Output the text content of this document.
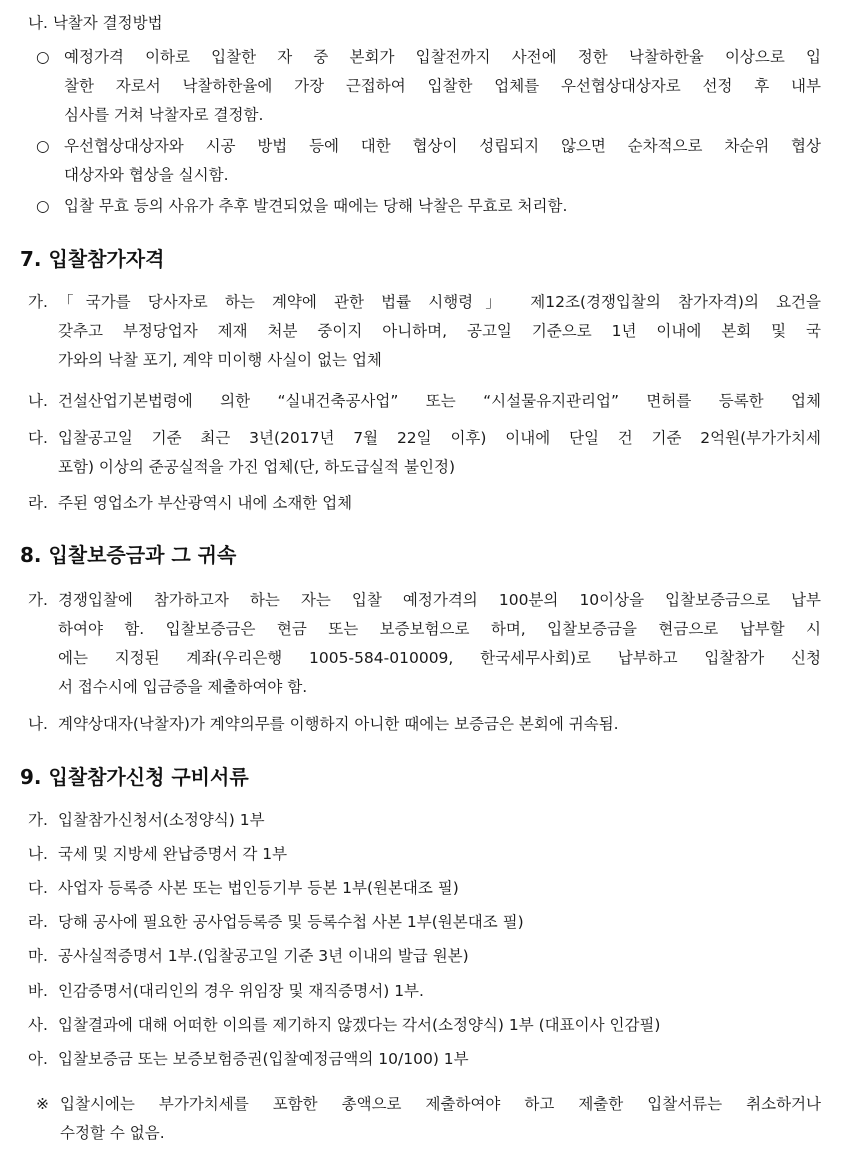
나. 낙찰자 결정방법
○ 예정가격 이하로 입찰한 자 중 본회가 입찰전까지 사전에 정한 낙찰하한율 이상으로 입
찰한 자로서 낙찰하한율에 가장 근접하여 입찰한 업체를 우선협상대상자로 선정 후 내부
심사를 거쳐 낙찰자로 결정함.
○ 우선협상대상자와 시공 방법 등에 대한 협상이 성립되지 않으면 순차적으로 차순위 협상
대상자와 협상을 실시함.
○ 입찰 무효 등의 사유가 추후 발견되었을 때에는 당해 낙찰은 무효로 처리함.
7. 입찰참가자격
가. 「국가를 당사자로 하는 계약에 관한 법률 시행령」 제12조(경쟁입찰의 참가자격)의 요건을
갖추고 부정당업자 제재 처분 중이지 아니하며, 공고일 기준으로 1년 이내에 본회 및 국
가와의 낙찰 포기, 계약 미이행 사실이 없는 업체
나. 건설산업기본법령에 의한 “실내건축공사업” 또는 “시설물유지관리업” 면허를 등록한 업체
다. 입찰공고일 기준 최근 3년(2017년 7월 22일 이후) 이내에 단일 건 기준 2억원(부가가치세
포함) 이상의 준공실적을 가진 업체(단, 하도급실적 불인정)
라. 주된 영업소가 부산광역시 내에 소재한 업체
8. 입찰보증금과 그 귀속
가. 경쟁입찰에 참가하고자 하는 자는 입찰 예정가격의 100분의 10이상을 입찰보증금으로 납부
하여야 함. 입찰보증금은 현금 또는 보증보험으로 하며, 입찰보증금을 현금으로 납부할 시
에는 지정된 계좌(우리은행 1005-584-010009, 한국세무사회)로 납부하고 입찰참가 신청
서 접수시에 입금증을 제출하여야 함.
나. 계약상대자(낙찰자)가 계약의무를 이행하지 아니한 때에는 보증금은 본회에 귀속됨.
9. 입찰참가신청 구비서류
가. 입찰참가신청서(소정양식) 1부
나. 국세 및 지방세 완납증명서 각 1부
다. 사업자 등록증 사본 또는 법인등기부 등본 1부(원본대조 필)
라. 당해 공사에 필요한 공사업등록증 및 등록수첩 사본 1부(원본대조 필)
마. 공사실적증명서 1부.(입찰공고일 기준 3년 이내의 발급 원본)
바. 인감증명서(대리인의 경우 위임장 및 재직증명서) 1부.
사. 입찰결과에 대해 어떠한 이의를 제기하지 않겠다는 각서(소정양식) 1부 (대표이사 인감필)
아. 입찰보증금 또는 보증보험증권(입찰예정금액의 10/100) 1부
※ 입찰시에는 부가가치세를 포함한 총액으로 제출하여야 하고 제출한 입찰서류는 취소하거나
수정할 수 없음.
